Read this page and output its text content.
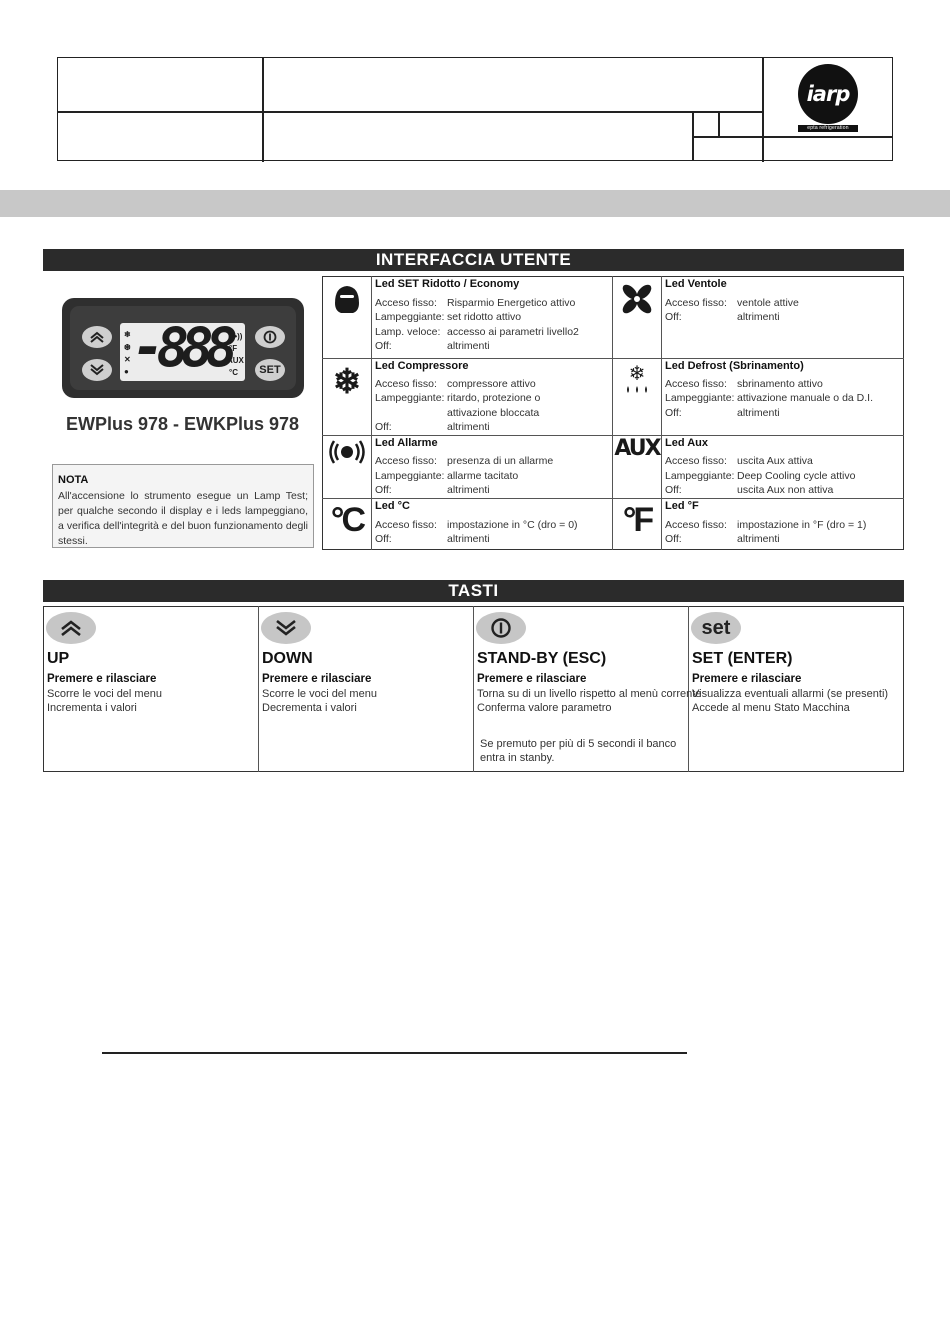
iarp
epta refrigeration
INTERFACCIA UTENTE
SET
-888
❄
❆
✕
●
((•))
°F
AUX
°C
EWPlus 978 - EWKPlus 978
NOTA
All'accensione lo strumento esegue un Lamp Test; per qualche secondo il display e i leds lampeggiano, a verifica dell'integrità e del buon funzionamento degli stessi.
❄	❄
AUX
°C	°F
Led SET Ridotto / Economy
Acceso fisso: Risparmio Energetico attivo
Lampeggiante: set ridotto attivo
Lamp. veloce: accesso ai parametri livello2
Off:	altrimenti
Led Ventole
Acceso fisso: ventole attive
Off:	altrimenti
Led Compressore
Acceso fisso: compressore attivo
Lampeggiante: ritardo, protezione o
attivazione bloccata
Off:	altrimenti
Led Defrost (Sbrinamento)
Acceso fisso: sbrinamento attivo
Lampeggiante: attivazione manuale o da D.I.
Off:	altrimenti
Led Allarme
Acceso fisso: presenza di un allarme
Lampeggiante: allarme tacitato
Off:	altrimenti
Led Aux
Acceso fisso: uscita Aux attiva
Lampeggiante: Deep Cooling cycle attivo
Off:	uscita Aux non attiva
Led °C
Acceso fisso: impostazione in °C (dro = 0)
Off:	altrimenti
Led °F
Acceso fisso: impostazione in °F (dro = 1)
Off:	altrimenti
TASTI
UP
Premere e rilasciare
Scorre le voci del menu
Incrementa i valori
DOWN
Premere e rilasciare
Scorre le voci del menu
Decrementa i valori
STAND-BY (ESC)
Premere e rilasciare
Torna su di un livello rispetto al menù corrente
Conferma valore parametro
Se premuto per più di 5 secondi il banco
entra in stanby.
set
SET (ENTER)
Premere e rilasciare
Visualizza eventuali allarmi (se presenti)
Accede al menu Stato Macchina
